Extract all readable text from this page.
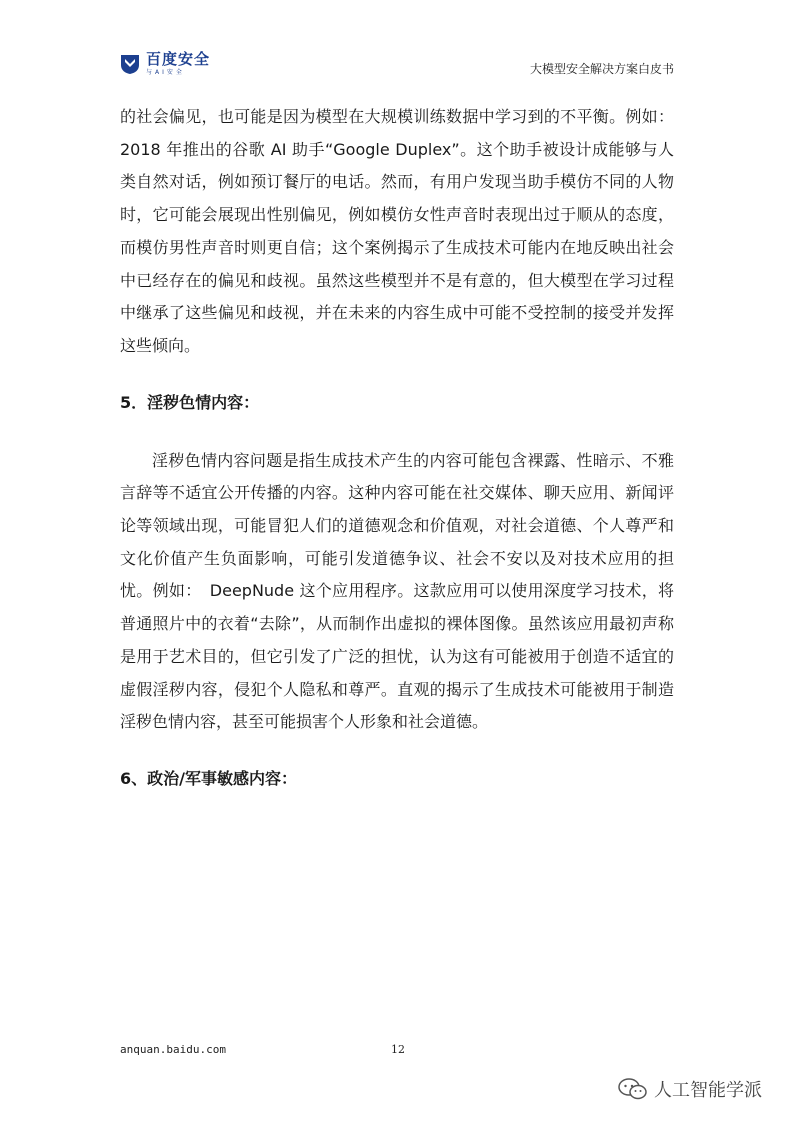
百度安全
与AI安全	大模型安全解决方案白皮书

的社会偏见，也可能是因为模型在大规模训练数据中学习到的不平衡。例如：2018 年推出的谷歌 AI 助手“Google Duplex”。这个助手被设计成能够与人类自然对话，例如预订餐厅的电话。然而，有用户发现当助手模仿不同的人物时，它可能会展现出性别偏见，例如模仿女性声音时表现出过于顺从的态度，而模仿男性声音时则更自信；这个案例揭示了生成技术可能内在地反映出社会中已经存在的偏见和歧视。虽然这些模型并不是有意的，但大模型在学习过程中继承了这些偏见和歧视，并在未来的内容生成中可能不受控制的接受并发挥这些倾向。

5．淫秽色情内容：

淫秽色情内容问题是指生成技术产生的内容可能包含裸露、性暗示、不雅言辞等不适宜公开传播的内容。这种内容可能在社交媒体、聊天应用、新闻评论等领域出现，可能冒犯人们的道德观念和价值观，对社会道德、个人尊严和文化价值产生负面影响，可能引发道德争议、社会不安以及对技术应用的担忧。例如：　DeepNude 这个应用程序。这款应用可以使用深度学习技术，将普通照片中的衣着“去除”，从而制作出虚拟的裸体图像。虽然该应用最初声称是用于艺术目的，但它引发了广泛的担忧，认为这有可能被用于创造不适宜的虚假淫秽内容，侵犯个人隐私和尊严。直观的揭示了生成技术可能被用于制造淫秽色情内容，甚至可能损害个人形象和社会道德。

6、政治/军事敏感内容：

anquan.baidu.com	12
人工智能学派
